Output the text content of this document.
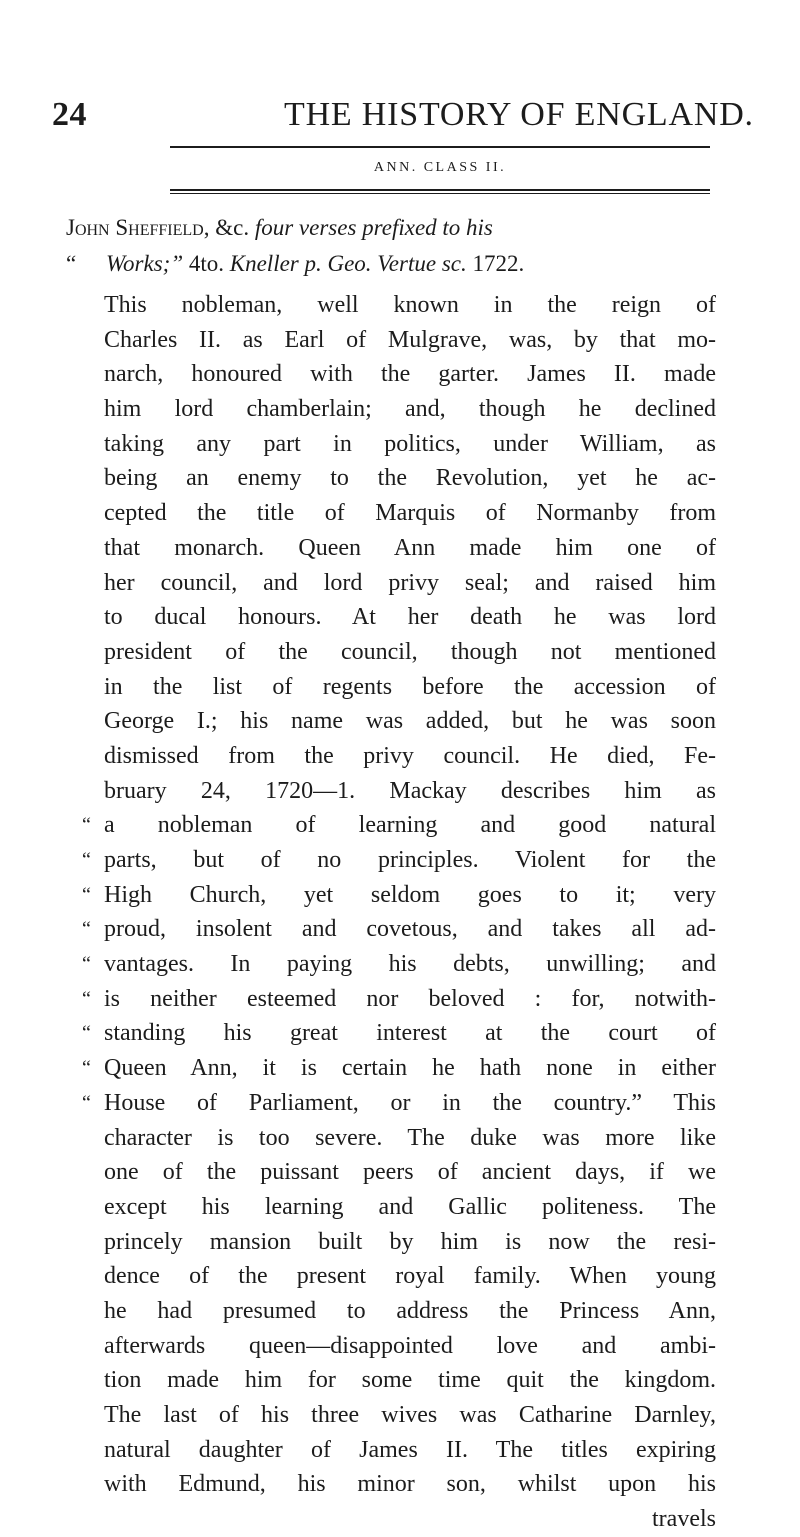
24	THE HISTORY OF ENGLAND.
ANN. CLASS II.
John Sheffield, &c. four verses prefixed to his
“ Works;” 4to. Kneller p. Geo. Vertue sc. 1722.
This nobleman, well known in the reign of
Charles II. as Earl of Mulgrave, was, by that mo-
narch, honoured with the garter. James II. made
him lord chamberlain; and, though he declined
taking any part in politics, under William, as
being an enemy to the Revolution, yet he ac-
cepted the title of Marquis of Normanby from
that monarch. Queen Ann made him one of
her council, and lord privy seal; and raised him
to ducal honours. At her death he was lord
president of the council, though not mentioned
in the list of regents before the accession of
George I.; his name was added, but he was soon
dismissed from the privy council. He died, Fe-
bruary 24, 1720—1. Mackay describes him as
“ a nobleman of learning and good natural
“ parts, but of no principles. Violent for the
“ High Church, yet seldom goes to it; very
“ proud, insolent and covetous, and takes all ad-
“ vantages. In paying his debts, unwilling; and
“ is neither esteemed nor beloved : for, notwith-
“ standing his great interest at the court of
“ Queen Ann, it is certain he hath none in either
“ House of Parliament, or in the country.” This
character is too severe. The duke was more like
one of the puissant peers of ancient days, if we
except his learning and Gallic politeness. The
princely mansion built by him is now the resi-
dence of the present royal family. When young
he had presumed to address the Princess Ann,
afterwards queen—disappointed love and ambi-
tion made him for some time quit the kingdom.
The last of his three wives was Catharine Darnley,
natural daughter of James II. The titles expiring
with Edmund, his minor son, whilst upon his
travels
